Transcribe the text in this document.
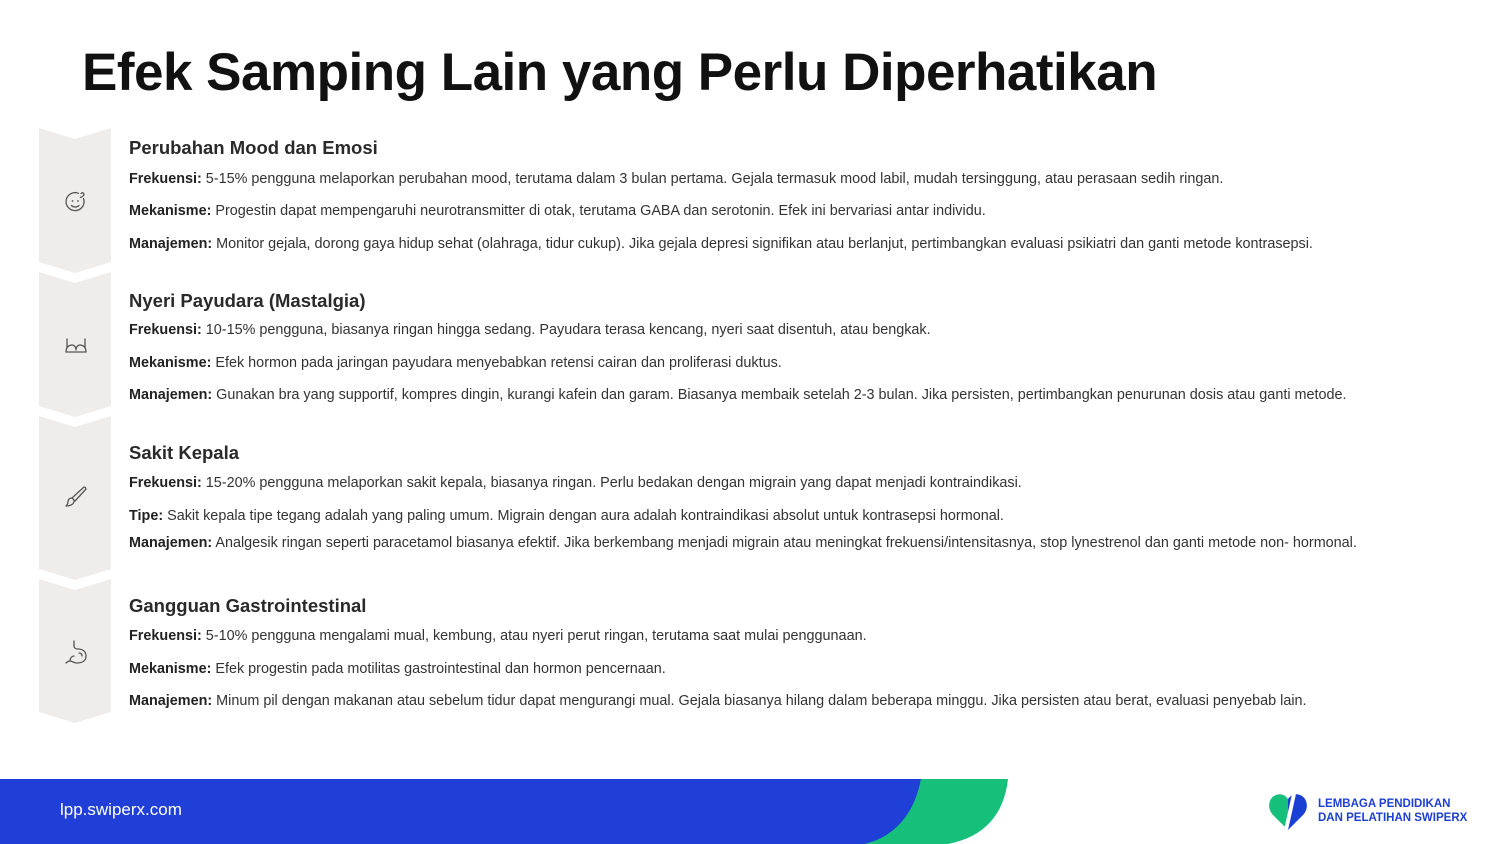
Efek Samping Lain yang Perlu Diperhatikan
Perubahan Mood dan Emosi

Frekuensi: 5-15% pengguna melaporkan perubahan mood, terutama dalam 3 bulan pertama. Gejala termasuk mood labil, mudah tersinggung, atau perasaan sedih ringan.

Mekanisme: Progestin dapat mempengaruhi neurotransmitter di otak, terutama GABA dan serotonin. Efek ini bervariasi antar individu.

Manajemen: Monitor gejala, dorong gaya hidup sehat (olahraga, tidur cukup). Jika gejala depresi signifikan atau berlanjut, pertimbangkan evaluasi psikiatri dan ganti metode kontrasepsi.

Nyeri Payudara (Mastalgia)

Frekuensi: 10-15% pengguna, biasanya ringan hingga sedang. Payudara terasa kencang, nyeri saat disentuh, atau bengkak.

Mekanisme: Efek hormon pada jaringan payudara menyebabkan retensi cairan dan proliferasi duktus.

Manajemen: Gunakan bra yang supportif, kompres dingin, kurangi kafein dan garam. Biasanya membaik setelah 2-3 bulan. Jika persisten, pertimbangkan penurunan dosis atau ganti metode.

Sakit Kepala

Frekuensi: 15-20% pengguna melaporkan sakit kepala, biasanya ringan. Perlu bedakan dengan migrain yang dapat menjadi kontraindikasi.

Tipe: Sakit kepala tipe tegang adalah yang paling umum. Migrain dengan aura adalah kontraindikasi absolut untuk kontrasepsi hormonal.

Manajemen: Analgesik ringan seperti paracetamol biasanya efektif. Jika berkembang menjadi migrain atau meningkat frekuensi/intensitasnya, stop lynestrenol dan ganti metode non- hormonal.

Gangguan Gastrointestinal

Frekuensi: 5-10% pengguna mengalami mual, kembung, atau nyeri perut ringan, terutama saat mulai penggunaan.

Mekanisme: Efek progestin pada motilitas gastrointestinal dan hormon pencernaan.

Manajemen: Minum pil dengan makanan atau sebelum tidur dapat mengurangi mual. Gejala biasanya hilang dalam beberapa minggu. Jika persisten atau berat, evaluasi penyebab lain.

lpp.swiperx.com	LEMBAGA PENDIDIKAN
DAN PELATIHAN SWIPERX
